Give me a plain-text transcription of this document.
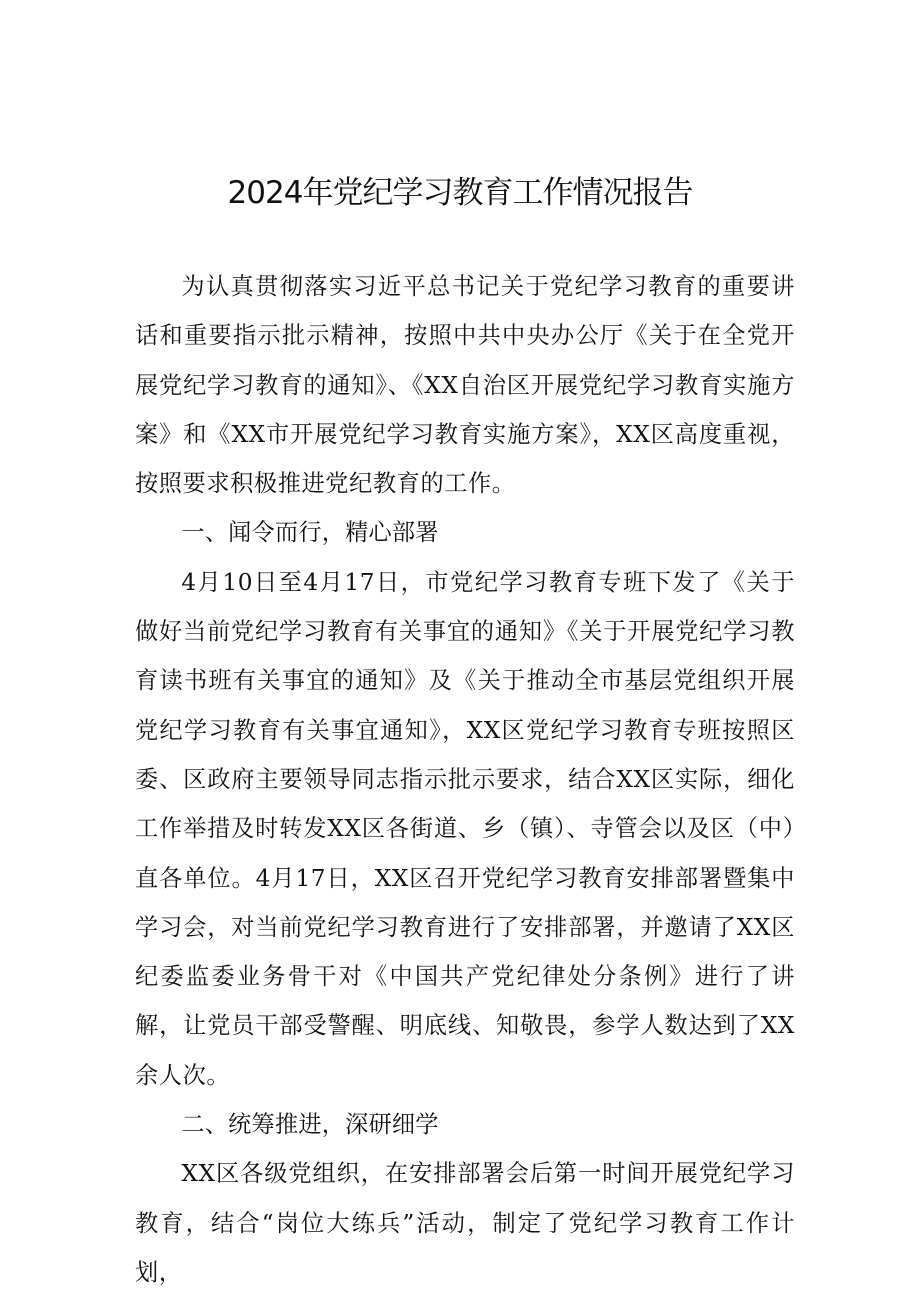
2024年党纪学习教育工作情况报告

为认真贯彻落实习近平总书记关于党纪学习教育的重要讲话和重要指示批示精神，按照中共中央办公厅《关于在全党开展党纪学习教育的通知》、《XX自治区开展党纪学习教育实施方案》和《XX市开展党纪学习教育实施方案》，XX区高度重视，按照要求积极推进党纪教育的工作。

一、闻令而行，精心部署

4月10日至4月17日，市党纪学习教育专班下发了《关于做好当前党纪学习教育有关事宜的通知》《关于开展党纪学习教育读书班有关事宜的通知》及《关于推动全市基层党组织开展党纪学习教育有关事宜通知》，XX区党纪学习教育专班按照区委、区政府主要领导同志指示批示要求，结合XX区实际，细化工作举措及时转发XX区各街道、乡（镇）、寺管会以及区（中）直各单位。4月17日，XX区召开党纪学习教育安排部署暨集中学习会，对当前党纪学习教育进行了安排部署，并邀请了XX区纪委监委业务骨干对《中国共产党纪律处分条例》进行了讲解，让党员干部受警醒、明底线、知敬畏，参学人数达到了XX余人次。

二、统筹推进，深研细学

XX区各级党组织，在安排部署会后第一时间开展党纪学习教育，结合“岗位大练兵”活动，制定了党纪学习教育工作计划，
